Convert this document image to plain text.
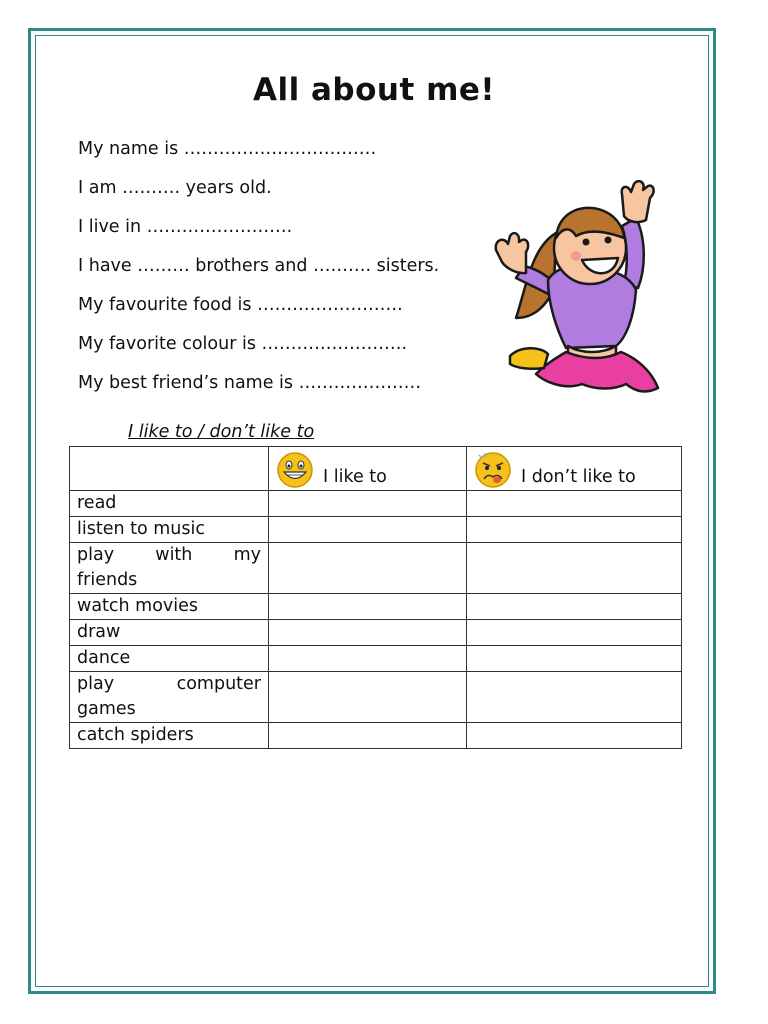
All about me!
My name is ……………………………
I am ………. years old.
I live in …………………….
I have ……… brothers and ………. sisters.
My favourite food is …………………….
My favorite colour is …………………….
My best friend’s name is …………………
I like to / don’t like to

	I like to	I don’t like to

read		
listen to music		

play with my
friends		

watch movies		
draw		
dance		

play computer
games		

catch spiders		
